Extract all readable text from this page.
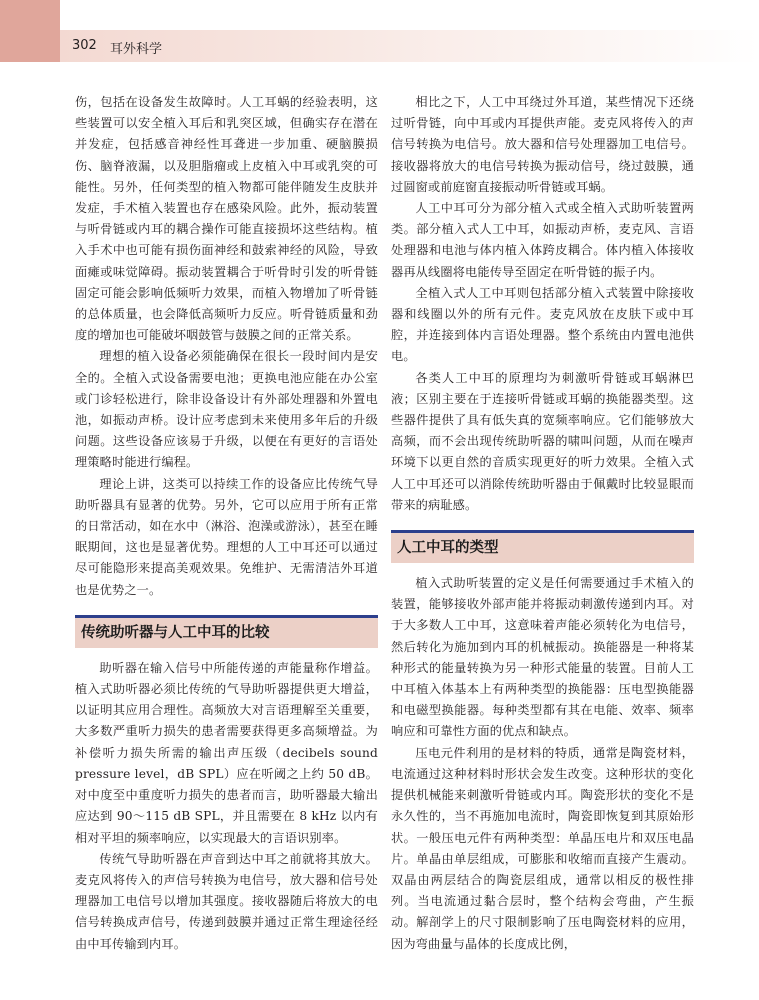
302 耳外科学

伤，包括在设备发生故障时。人工耳蜗的经验表明，这些装置可以安全植入耳后和乳突区域，但确实存在潜在并发症，包括感音神经性耳聋进一步加重、硬脑膜损伤、脑脊液漏，以及胆脂瘤或上皮植入中耳或乳突的可能性。另外，任何类型的植入物都可能伴随发生皮肤并发症，手术植入装置也存在感染风险。此外，振动装置与听骨链或内耳的耦合操作可能直接损坏这些结构。植入手术中也可能有损伤面神经和鼓索神经的风险，导致面瘫或味觉障碍。振动装置耦合于听骨时引发的听骨链固定可能会影响低频听力效果，而植入物增加了听骨链的总体质量，也会降低高频听力反应。听骨链质量和劲度的增加也可能破坏咽鼓管与鼓膜之间的正常关系。

理想的植入设备必须能确保在很长一段时间内是安全的。全植入式设备需要电池；更换电池应能在办公室或门诊轻松进行，除非设备设计有外部处理器和外置电池，如振动声桥。设计应考虑到未来使用多年后的升级问题。这些设备应该易于升级，以便在有更好的言语处理策略时能进行编程。

理论上讲，这类可以持续工作的设备应比传统气导助听器具有显著的优势。另外，它可以应用于所有正常的日常活动，如在水中（淋浴、泡澡或游泳），甚至在睡眠期间，这也是显著优势。理想的人工中耳还可以通过尽可能隐形来提高美观效果。免维护、无需清洁外耳道也是优势之一。

传统助听器与人工中耳的比较

助听器在输入信号中所能传递的声能量称作增益。植入式助听器必须比传统的气导助听器提供更大增益，以证明其应用合理性。高频放大对言语理解至关重要，大多数严重听力损失的患者需要获得更多高频增益。为补偿听力损失所需的输出声压级（decibels sound pressure level，dB SPL）应在听阈之上约 50 dB。对中度至中重度听力损失的患者而言，助听器最大输出应达到 90～115 dB SPL，并且需要在 8 kHz 以内有相对平坦的频率响应，以实现最大的言语识别率。

传统气导助听器在声音到达中耳之前就将其放大。麦克风将传入的声信号转换为电信号，放大器和信号处理器加工电信号以增加其强度。接收器随后将放大的电信号转换成声信号，传递到鼓膜并通过正常生理途径经由中耳传输到内耳。

相比之下，人工中耳绕过外耳道，某些情况下还绕过听骨链，向中耳或内耳提供声能。麦克风将传入的声信号转换为电信号。放大器和信号处理器加工电信号。接收器将放大的电信号转换为振动信号，绕过鼓膜，通过圆窗或前庭窗直接振动听骨链或耳蜗。

人工中耳可分为部分植入式或全植入式助听装置两类。部分植入式人工中耳，如振动声桥，麦克风、言语处理器和电池与体内植入体跨皮耦合。体内植入体接收器再从线圈将电能传导至固定在听骨链的振子内。

全植入式人工中耳则包括部分植入式装置中除接收器和线圈以外的所有元件。麦克风放在皮肤下或中耳腔，并连接到体内言语处理器。整个系统由内置电池供电。

各类人工中耳的原理均为刺激听骨链或耳蜗淋巴液；区别主要在于连接听骨链或耳蜗的换能器类型。这些器件提供了具有低失真的宽频率响应。它们能够放大高频，而不会出现传统助听器的啸叫问题，从而在噪声环境下以更自然的音质实现更好的听力效果。全植入式人工中耳还可以消除传统助听器由于佩戴时比较显眼而带来的病耻感。

人工中耳的类型

植入式助听装置的定义是任何需要通过手术植入的装置，能够接收外部声能并将振动刺激传递到内耳。对于大多数人工中耳，这意味着声能必须转化为电信号，然后转化为施加到内耳的机械振动。换能器是一种将某种形式的能量转换为另一种形式能量的装置。目前人工中耳植入体基本上有两种类型的换能器：压电型换能器和电磁型换能器。每种类型都有其在电能、效率、频率响应和可靠性方面的优点和缺点。

压电元件利用的是材料的特质，通常是陶瓷材料，电流通过这种材料时形状会发生改变。这种形状的变化提供机械能来刺激听骨链或内耳。陶瓷形状的变化不是永久性的，当不再施加电流时，陶瓷即恢复到其原始形状。一般压电元件有两种类型：单晶压电片和双压电晶片。单晶由单层组成，可膨胀和收缩而直接产生震动。双晶由两层结合的陶瓷层组成，通常以相反的极性排列。当电流通过黏合层时，整个结构会弯曲，产生振动。解剖学上的尺寸限制影响了压电陶瓷材料的应用，因为弯曲量与晶体的长度成比例，
